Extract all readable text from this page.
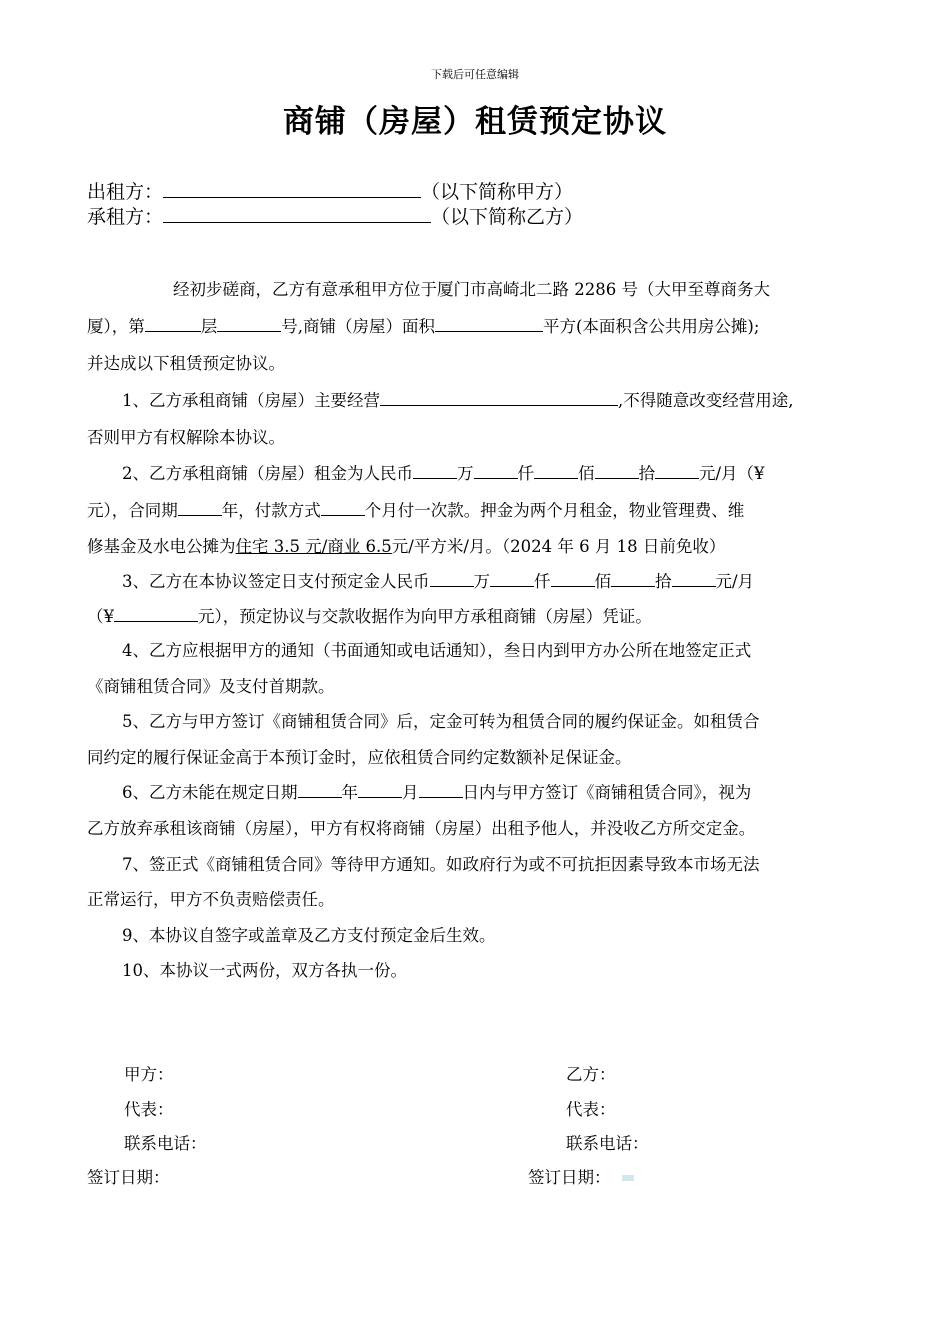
下载后可任意编辑
商铺（房屋）租赁预定协议
出租方：	（以下简称甲方）
承租方：	（以下简称乙方）
经初步磋商，乙方有意承租甲方位于厦门市高崎北二路 2286 号（大甲至尊商务大
厦），第	层	号,商铺（房屋）面积	平方(本面积含公共用房公摊);
并达成以下租赁预定协议。
1、乙方承租商铺（房屋）主要经营	,不得随意改变经营用途,
否则甲方有权解除本协议。
2、乙方承租商铺（房屋）租金为人民币	万	仟	佰	拾	元/月（¥
元），合同期	年，付款方式	个月付一次款。押金为两个月租金，物业管理费、维
修基金及水电公摊为住宅 3.5 元/商业 6.5元/平方米/月。（2024 年 6 月 18 日前免收）
3、乙方在本协议签定日支付预定金人民币	万	仟	佰	拾	元/月
（¥	元），预定协议与交款收据作为向甲方承租商铺（房屋）凭证。
4、乙方应根据甲方的通知（书面通知或电话通知），叁日内到甲方办公所在地签定正式
《商铺租赁合同》及支付首期款。
5、乙方与甲方签订《商铺租赁合同》后，定金可转为租赁合同的履约保证金。如租赁合
同约定的履行保证金高于本预订金时，应依租赁合同约定数额补足保证金。
6、乙方未能在规定日期	年	月	日内与甲方签订《商铺租赁合同》，视为
乙方放弃承租该商铺（房屋），甲方有权将商铺（房屋）出租予他人，并没收乙方所交定金。
7、签正式《商铺租赁合同》等待甲方通知。如政府行为或不可抗拒因素导致本市场无法
正常运行，甲方不负责赔偿责任。
9、本协议自签字或盖章及乙方支付预定金后生效。
10、本协议一式两份，双方各执一份。
甲方：	乙方：
代表：	代表：
联系电话：	联系电话：
签订日期：	签订日期：
